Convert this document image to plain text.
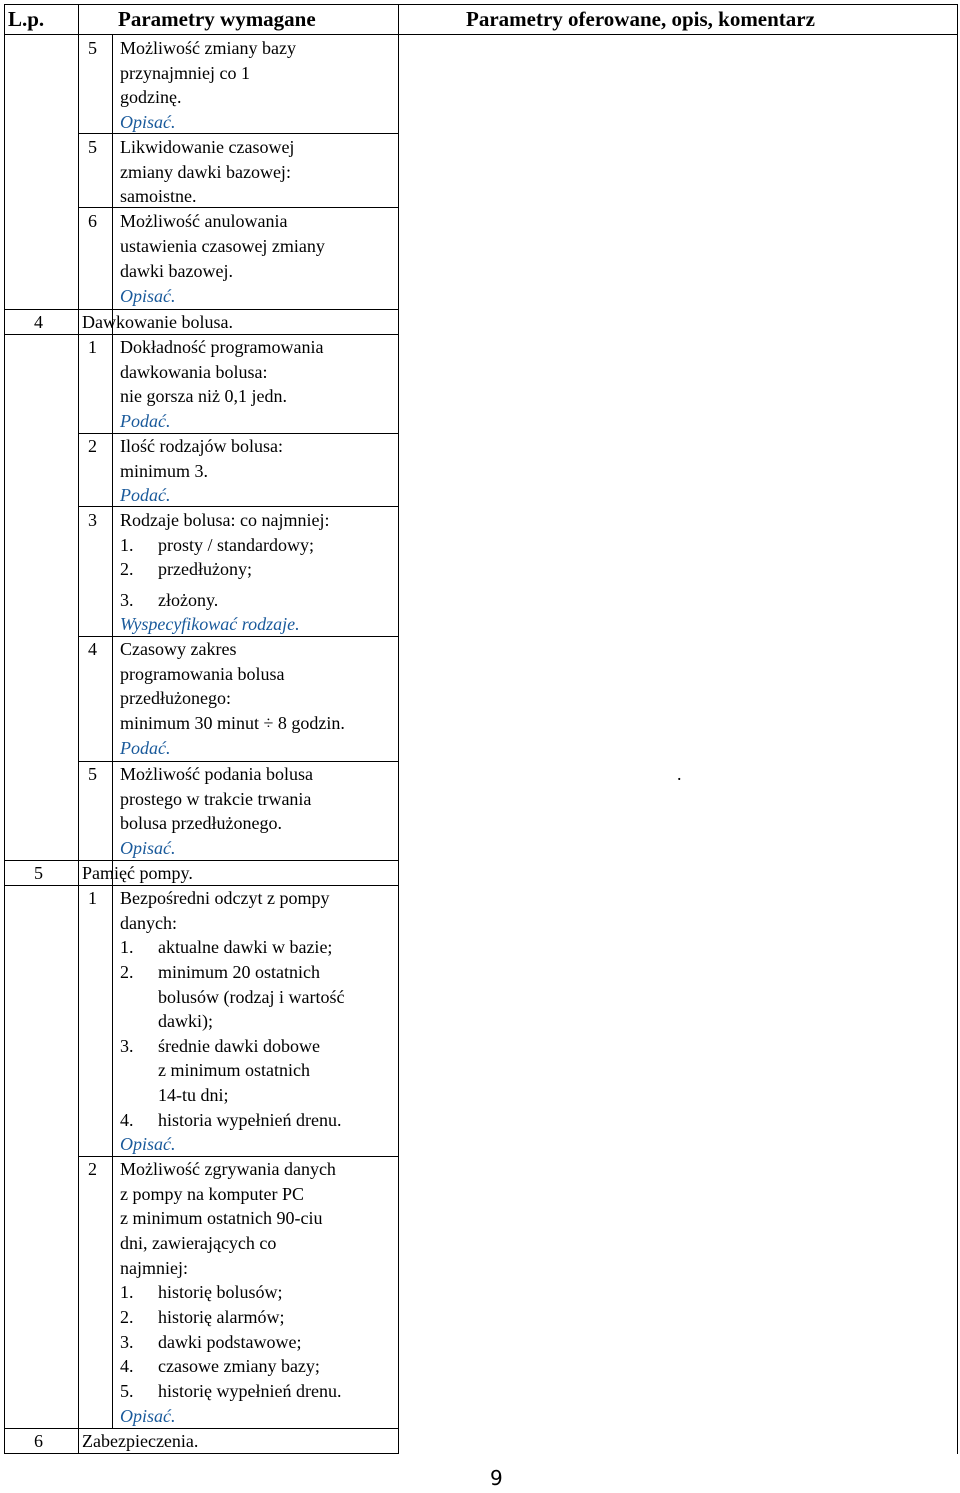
L.p.	Parametry wymagane	Parametry oferowane, opis, komentarz
5 Możliwość zmiany bazy
przynajmniej co 1
godzinę.
Opisać.
5 Likwidowanie czasowej
zmiany dawki bazowej:
samoistne.
6 Możliwość anulowania
ustawienia czasowej zmiany
dawki bazowej.
Opisać.
4 Dawkowanie bolusa.
1 Dokładność programowania
dawkowania bolusa:
nie gorsza niż 0,1 jedn.
Podać.
2 Ilość rodzajów bolusa:
minimum 3.
Podać.
3 Rodzaje bolusa: co najmniej:
1. prosty / standardowy;
2. przedłużony;
3. złożony.
Wyspecyfikować rodzaje.
4 Czasowy zakres
programowania bolusa
przedłużonego:
minimum 30 minut ÷ 8 godzin.
Podać.
5 Możliwość podania bolusa
prostego w trakcie trwania
bolusa przedłużonego.
Opisać.
.
5 Pamięć pompy.
1 Bezpośredni odczyt z pompy
danych:
1. aktualne dawki w bazie;
2. minimum 20 ostatnich
bolusów (rodzaj i wartość
dawki);
3. średnie dawki dobowe
z minimum ostatnich
14-tu dni;
4. historia wypełnień drenu.
Opisać.
2 Możliwość zgrywania danych
z pompy na komputer PC
z minimum ostatnich 90-ciu
dni, zawierających co
najmniej:
1. historię bolusów;
2. historię alarmów;
3. dawki podstawowe;
4. czasowe zmiany bazy;
5. historię wypełnień drenu.
Opisać.
6 Zabezpieczenia.
9
